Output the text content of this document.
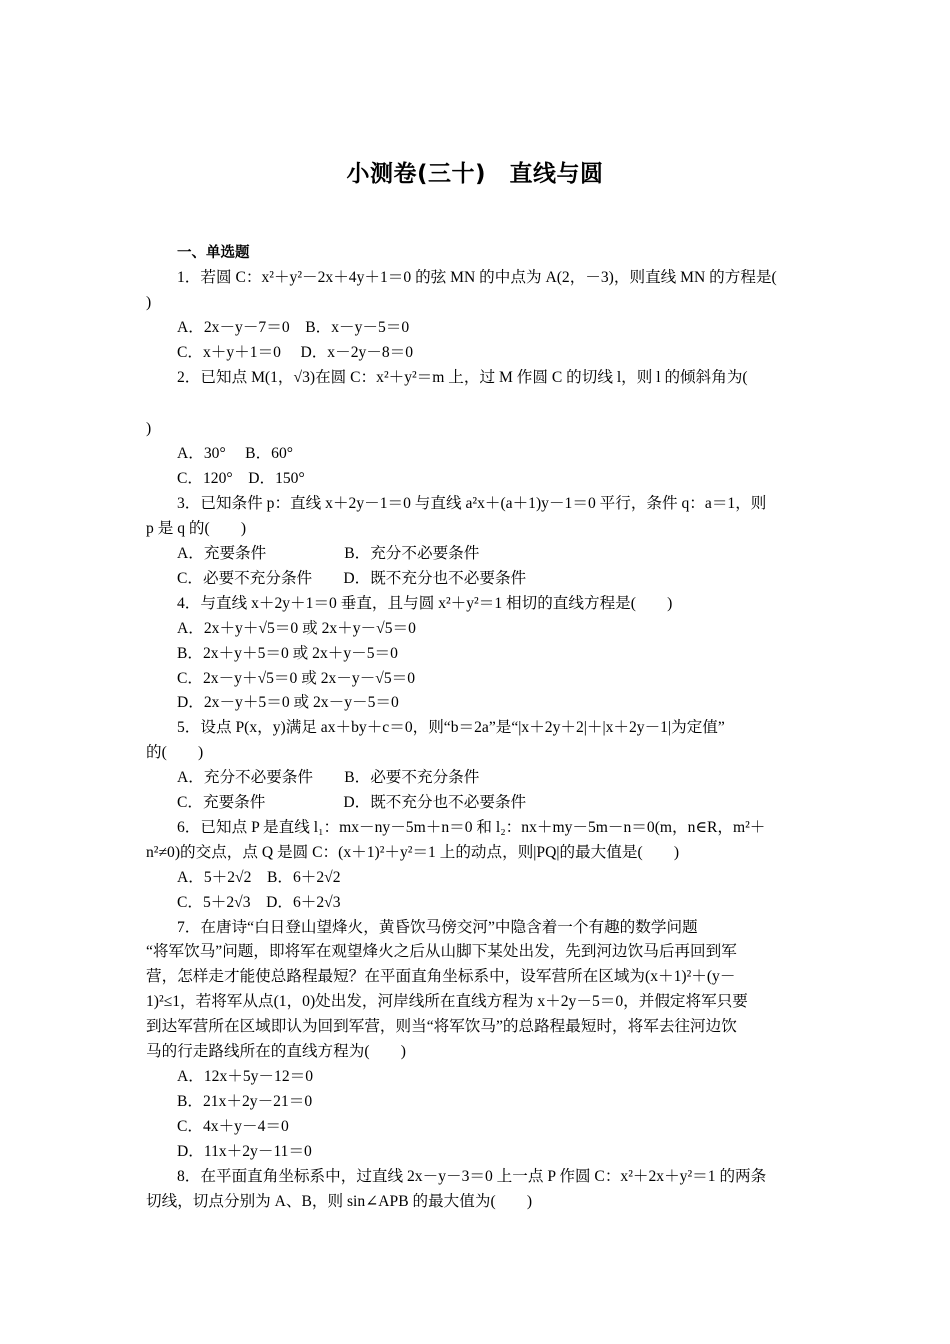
小测卷(三十)　直线与圆
一、单选题
1．若圆 C：x²＋y²－2x＋4y＋1＝0 的弦 MN 的中点为 A(2，－3)，则直线 MN 的方程是(
)
A．2x－y－7＝0　B．x－y－5＝0
C．x＋y＋1＝0　 D．x－2y－8＝0
2．已知点 M(1，√3)在圆 C：x²＋y²＝m 上，过 M 作圆 C 的切线 l，则 l 的倾斜角为(
)
A．30°　 B．60°
C．120°　D．150°
3．已知条件 p：直线 x＋2y－1＝0 与直线 a²x＋(a＋1)y－1＝0 平行，条件 q：a＝1，则
p 是 q 的(　　)
A．充要条件　　　　　B．充分不必要条件
C．必要不充分条件　　D．既不充分也不必要条件
4．与直线 x＋2y＋1＝0 垂直，且与圆 x²＋y²＝1 相切的直线方程是(　　)
A．2x＋y＋√5＝0 或 2x＋y－√5＝0
B．2x＋y＋5＝0 或 2x＋y－5＝0
C．2x－y＋√5＝0 或 2x－y－√5＝0
D．2x－y＋5＝0 或 2x－y－5＝0
5．设点 P(x，y)满足 ax＋by＋c＝0，则“b＝2a”是“|x＋2y＋2|＋|x＋2y－1|为定值”
的(　　)
A．充分不必要条件　　B．必要不充分条件
C．充要条件　　　　　D．既不充分也不必要条件
6．已知点 P 是直线 l₁：mx－ny－5m＋n＝0 和 l₂：nx＋my－5m－n＝0(m，n∈R，m²＋
n²≠0)的交点，点 Q 是圆 C：(x＋1)²＋y²＝1 上的动点，则|PQ|的最大值是(　　)
A．5＋2√2　B．6＋2√2
C．5＋2√3　D．6＋2√3
7．在唐诗“白日登山望烽火，黄昏饮马傍交河”中隐含着一个有趣的数学问题
“将军饮马”问题，即将军在观望烽火之后从山脚下某处出发，先到河边饮马后再回到军
营，怎样走才能使总路程最短？在平面直角坐标系中，设军营所在区域为(x＋1)²＋(y－
1)²≤1，若将军从点(1，0)处出发，河岸线所在直线方程为 x＋2y－5＝0，并假定将军只要
到达军营所在区域即认为回到军营，则当“将军饮马”的总路程最短时，将军去往河边饮
马的行走路线所在的直线方程为(　　)
A．12x＋5y－12＝0
B．21x＋2y－21＝0
C．4x＋y－4＝0
D．11x＋2y－11＝0
8．在平面直角坐标系中，过直线 2x－y－3＝0 上一点 P 作圆 C：x²＋2x＋y²＝1 的两条
切线，切点分别为 A、B，则 sin∠APB 的最大值为(　　)
